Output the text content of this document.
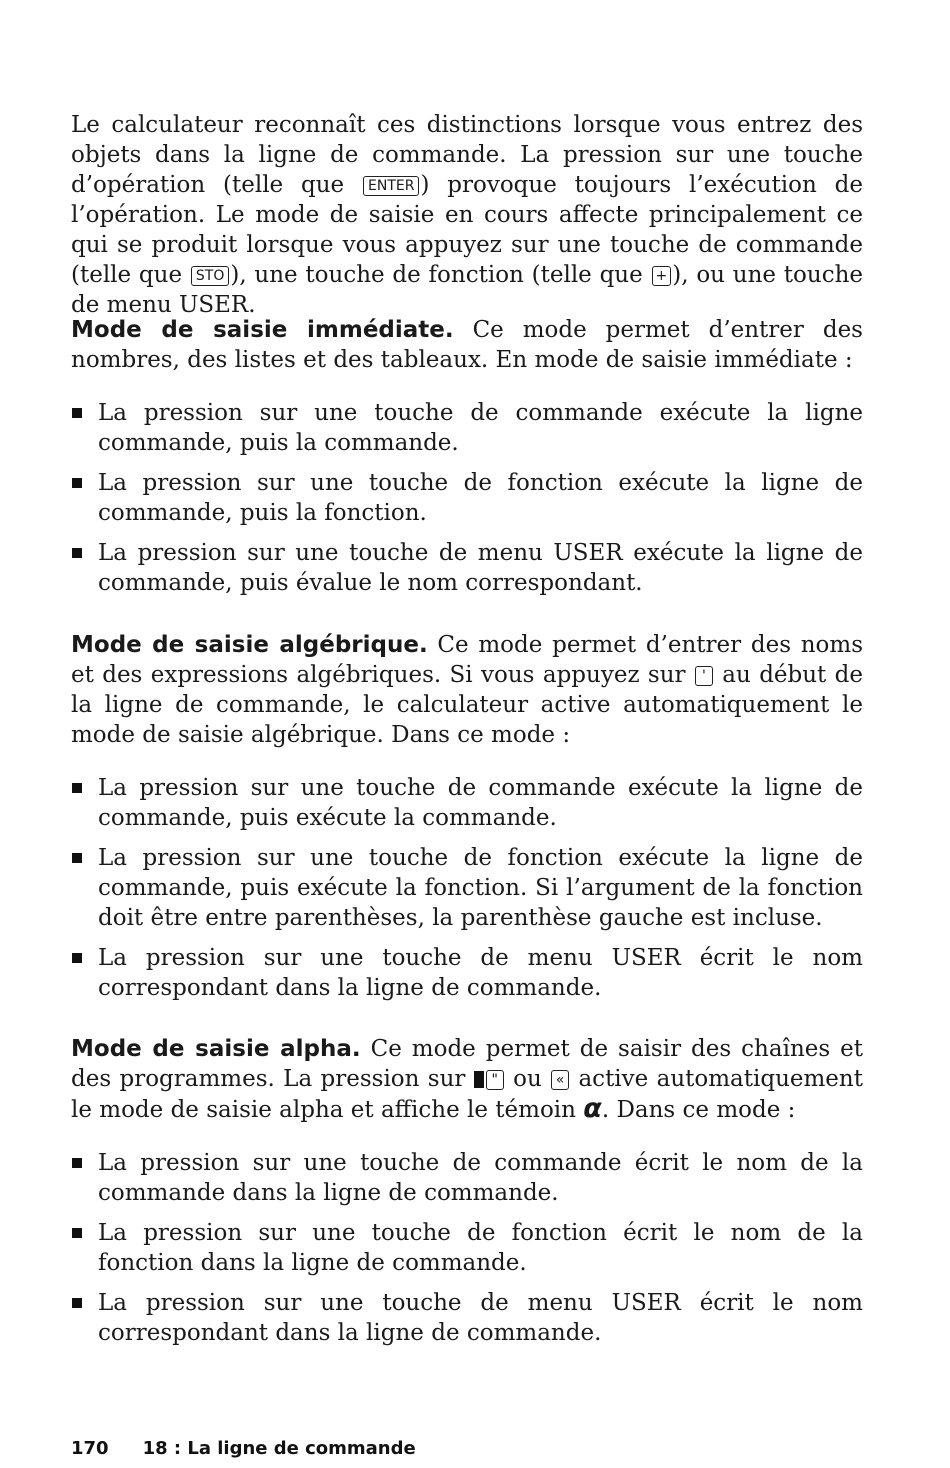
Le calculateur reconnaît ces distinctions lorsque vous entrez des objets dans la ligne de commande. La pression sur une touche d’opération (telle que ENTER ) provoque toujours l’exécution de l’opération. Le mode de saisie en cours affecte principalement ce qui se produit lorsque vous appuyez sur une touche de commande (telle que STO ), une touche de fonction (telle que + ), ou une touche de menu USER.

Mode de saisie immédiate. Ce mode permet d’entrer des nombres, des listes et des tableaux. En mode de saisie immédiate :

La pression sur une touche de commande exécute la ligne commande, puis la commande.
La pression sur une touche de fonction exécute la ligne de commande, puis la fonction.
La pression sur une touche de menu USER exécute la ligne de commande, puis évalue le nom correspondant.

Mode de saisie algébrique. Ce mode permet d’entrer des noms et des expressions algébriques. Si vous appuyez sur ' au début de la ligne de commande, le calculateur active automatiquement le mode de saisie algébrique. Dans ce mode :

La pression sur une touche de commande exécute la ligne de commande, puis exécute la commande.
La pression sur une touche de fonction exécute la ligne de commande, puis exécute la fonction. Si l’argument de la fonction doit être entre parenthèses, la parenthèse gauche est incluse.
La pression sur une touche de menu USER écrit le nom correspondant dans la ligne de commande.

Mode de saisie alpha. Ce mode permet de saisir des chaînes et des programmes. La pression sur " ou « active automatiquement le mode de saisie alpha et affiche le témoin α. Dans ce mode :

La pression sur une touche de commande écrit le nom de la commande dans la ligne de commande.
La pression sur une touche de fonction écrit le nom de la fonction dans la ligne de commande.
La pression sur une touche de menu USER écrit le nom correspondant dans la ligne de commande.
170 18 : La ligne de commande
